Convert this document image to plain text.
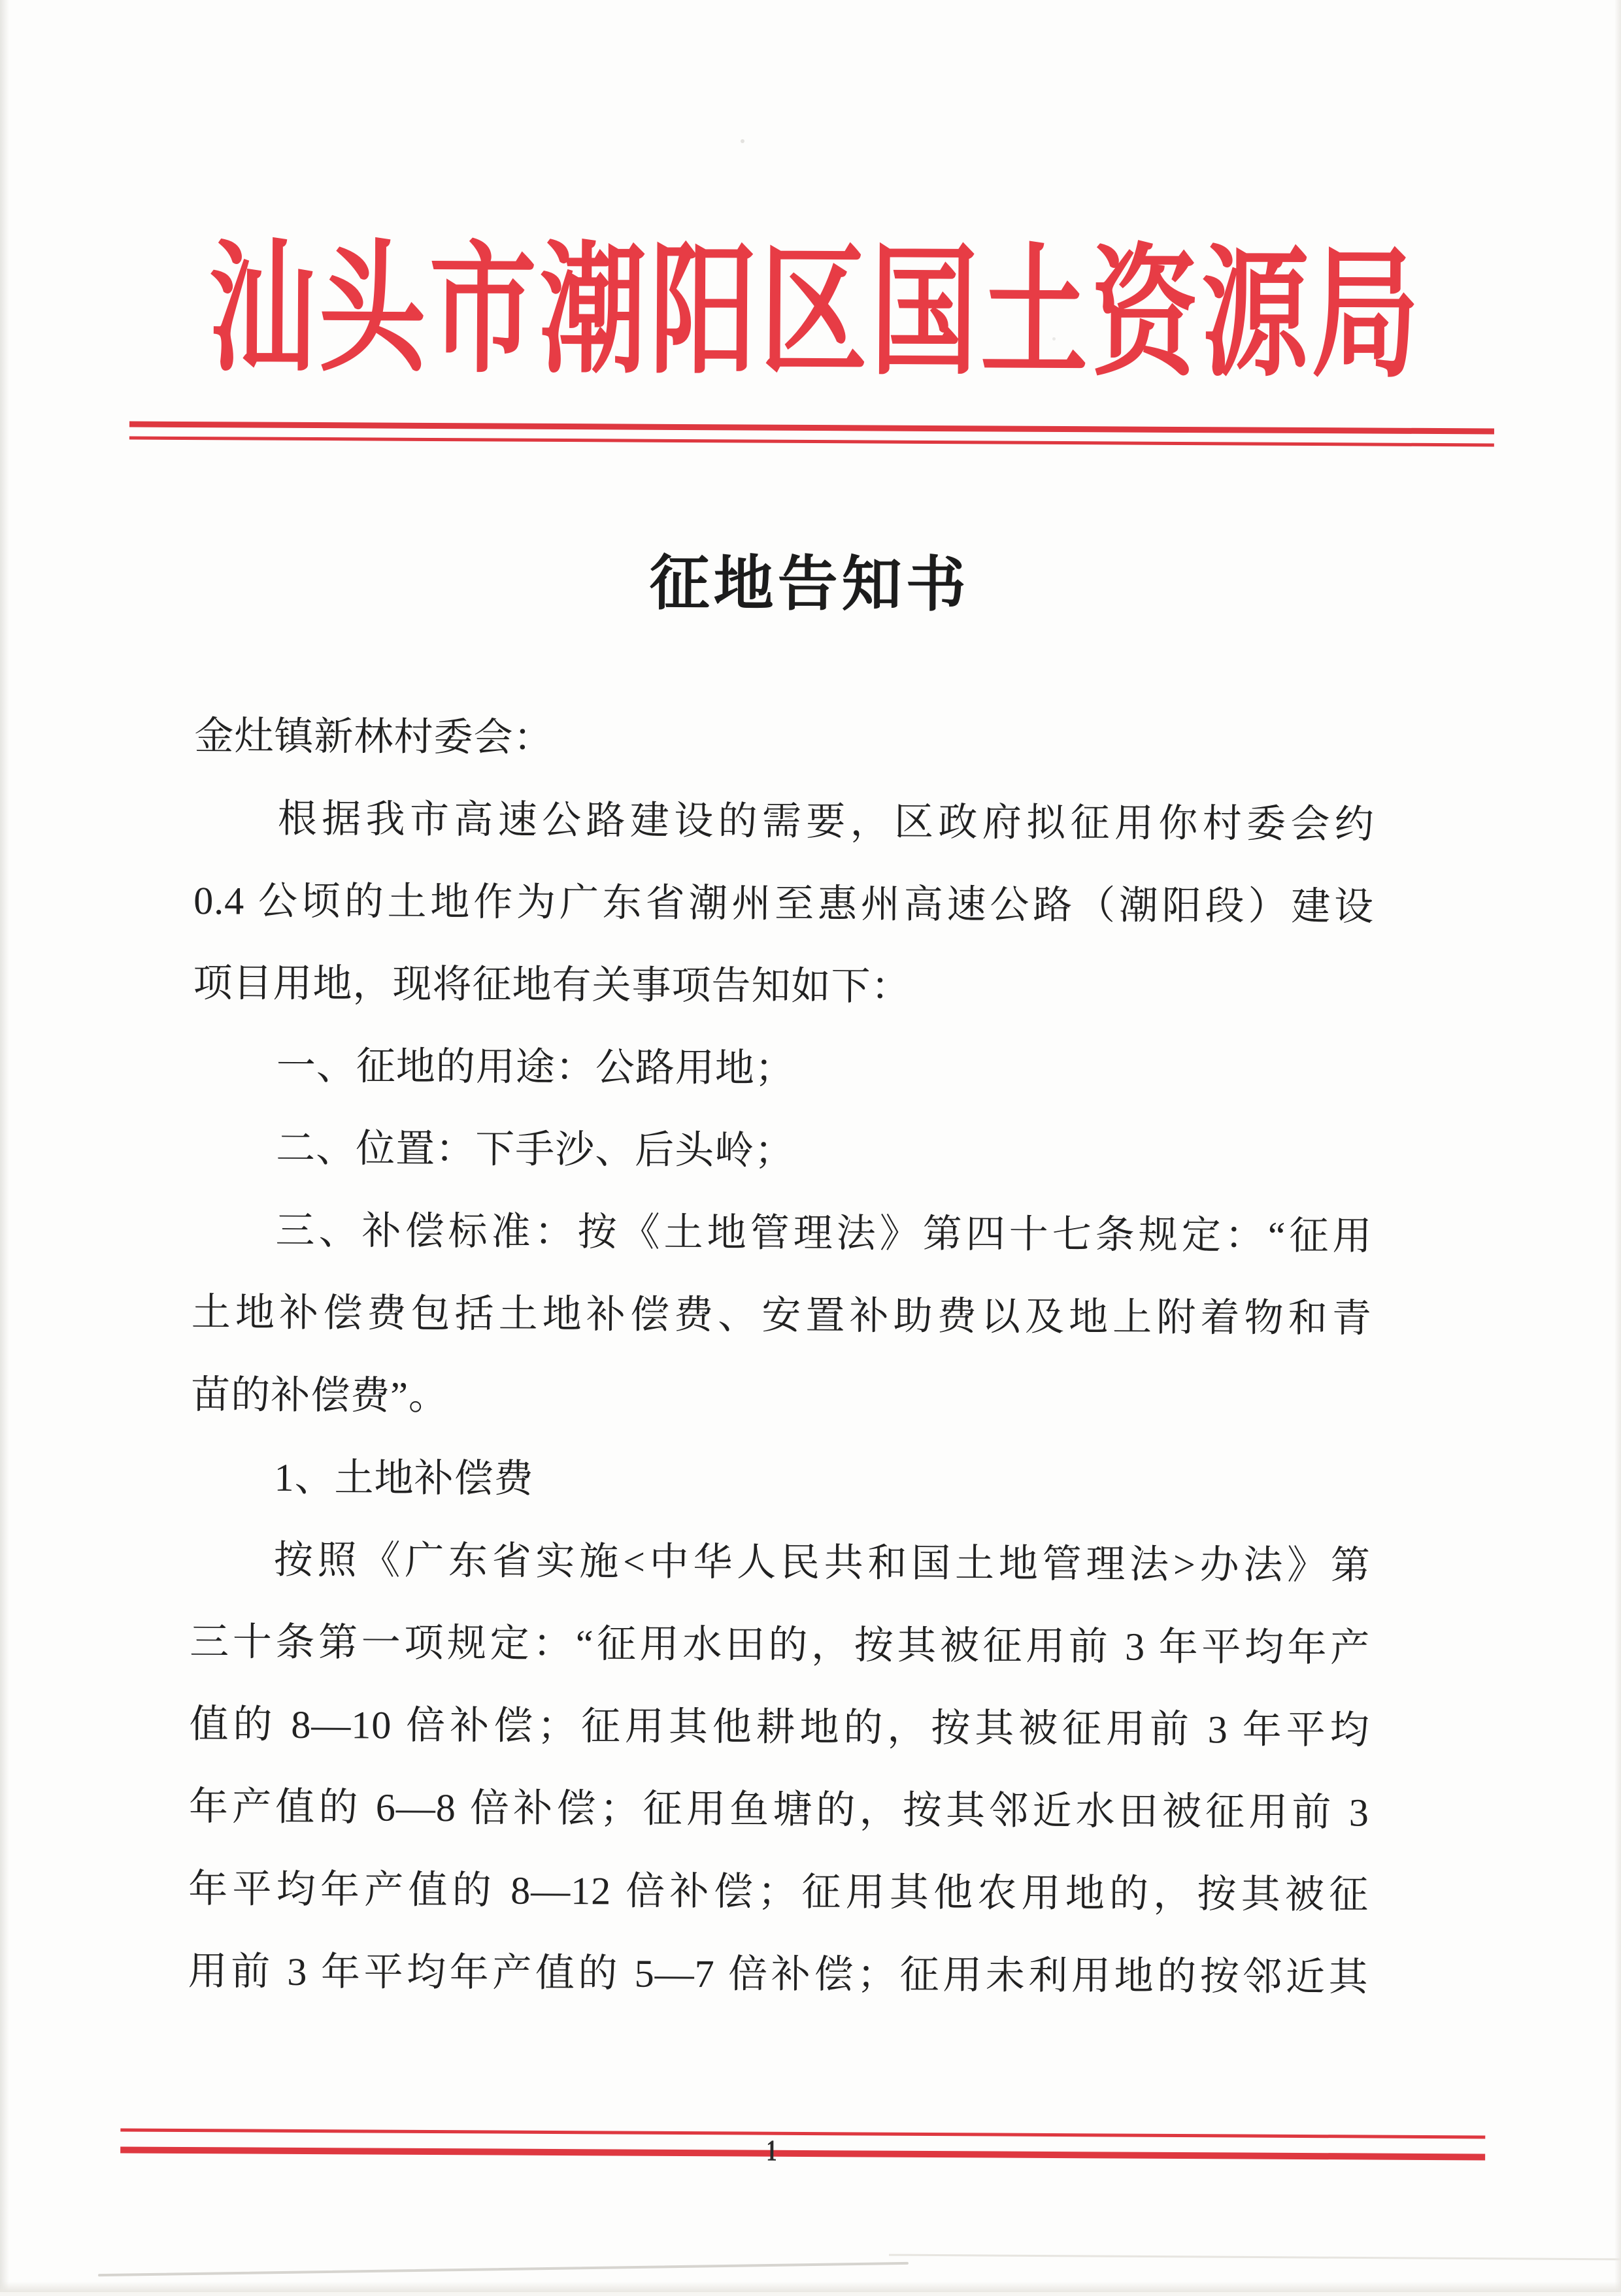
汕 头 市 潮 阳 区 国 土 资 源 局
征地告知书
金灶镇新林村委会：
根据我市高速公路建设的需要，区政府拟征用你村委会约
0.4 公顷的土地作为广东省潮州至惠州高速公路（潮阳段）建设
项目用地，现将征地有关事项告知如下：
一、征地的用途：公路用地；
二、位置：下手沙、后头岭；
三、补偿标准：按《土地管理法》第四十七条规定：“征用
土地补偿费包括土地补偿费、安置补助费以及地上附着物和青
苗的补偿费”。
1、土地补偿费
按照《广东省实施<中华人民共和国土地管理法>办法》第
三十条第一项规定：“征用水田的，按其被征用前 3 年平均年产
值的 8—10 倍补偿；征用其他耕地的，按其被征用前 3 年平均
年产值的 6—8 倍补偿；征用鱼塘的，按其邻近水田被征用前 3
年平均年产值的 8—12 倍补偿；征用其他农用地的，按其被征
用前 3 年平均年产值的 5—7 倍补偿；征用未利用地的按邻近其
1
